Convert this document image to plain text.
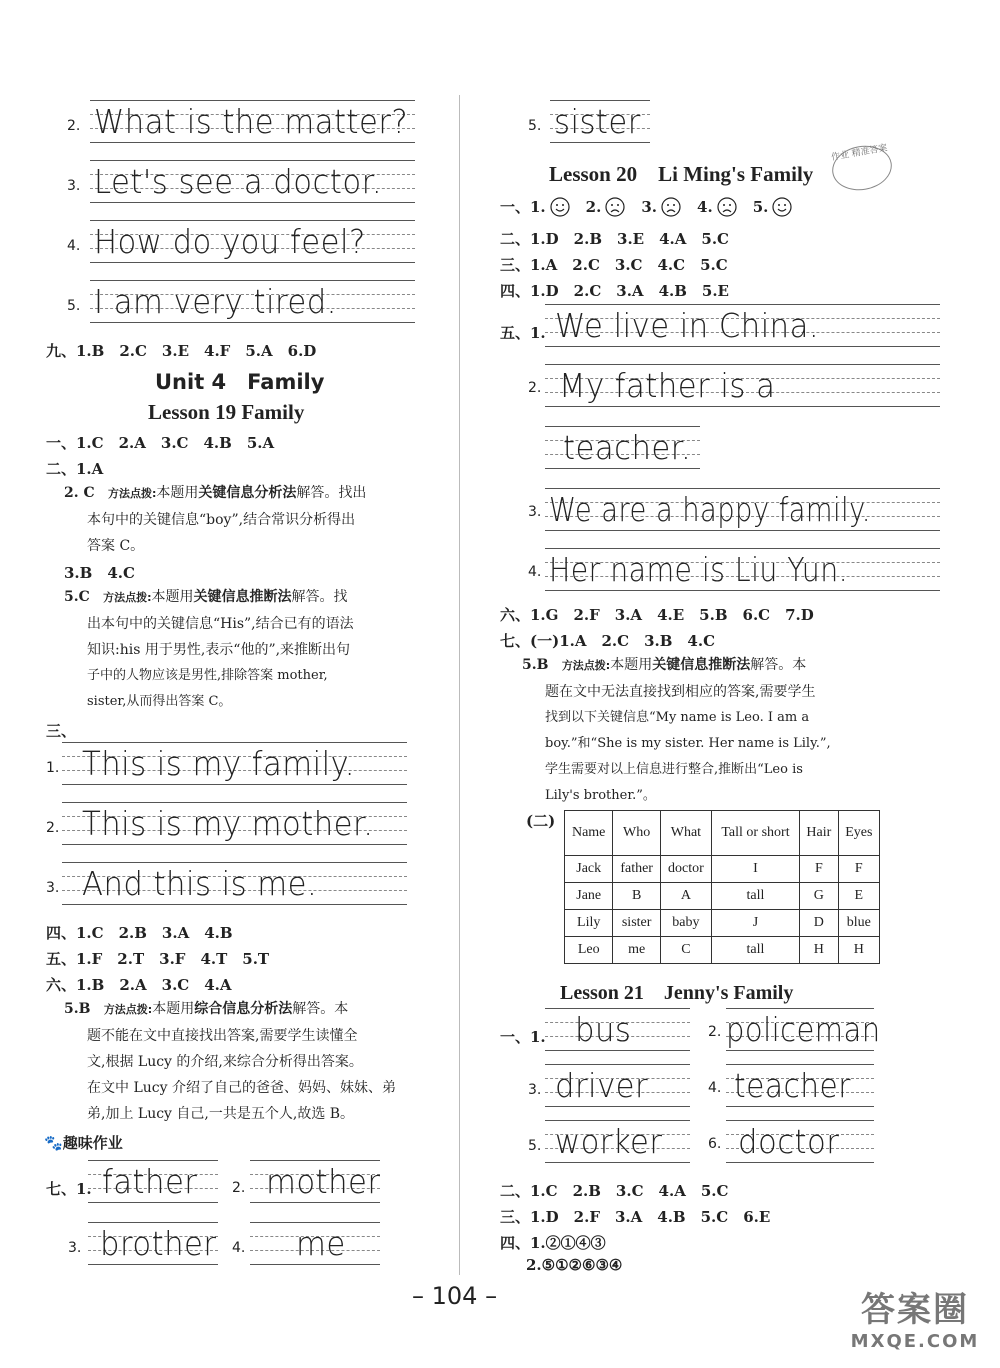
What is the matter?
2.
Let's see a doctor.
3.
How do you feel?
4.
I am very tired.
5.
九、1.B　2.C　3.E　4.F　5.A　6.D
Unit 4　Family
Lesson 19 Family
一、1.C　2.A　3.C　4.B　5.A
二、1.A
2. C 方法点拨:本题用关键信息分析法解答。找出
本句中的关键信息“boy”,结合常识分析得出
答案 C。
3.B　4.C
5.C 方法点拨:本题用关键信息推断法解答。找
出本句中的关键信息“His”,结合已有的语法
知识:his 用于男性,表示“他的”,来推断出句
子中的人物应该是男性,排除答案 mother,
sister,从而得出答案 C。
三、
This is my family.
1.
This is my mother.
2.
And this is me.
3.
四、1.C　2.B　3.A　4.B
五、1.F　2.T　3.F　4.T　5.T
六、1.B　2.A　3.C　4.A
5.B 方法点拨:本题用综合信息分析法解答。本
题不能在文中直接找出答案,需要学生读懂全
文,根据 Lucy 的介绍,来综合分析得出答案。
在文中 Lucy 介绍了自己的爸爸、妈妈、妹妹、弟
弟,加上 Lucy 自己,一共是五个人,故选 B。
🐾趣味作业
七、1. father 2. mother
3. brother 4. me
5. sister
Lesson 20　Li Ming's Family
作业 精准答案
一、1.	2.	3.	4.	5.
二、1.D　2.B　3.E　4.A　5.C
三、1.A　2.C　3.C　4.C　5.C
四、1.D　2.C　3.A　4.B　5.E
五、1. We live in China.
2. My father is a
teacher.
3. We are a happy family.
4. Her name is Liu Yun.
六、1.G　2.F　3.A　4.E　5.B　6.C　7.D
七、(一)1.A　2.C　3.B　4.C
5.B 方法点拨:本题用关键信息推断法解答。本
题在文中无法直接找到相应的答案,需要学生
找到以下关键信息“My name is Leo. I am a
boy.”和“She is my sister. Her name is Lily.”,
学生需要对以上信息进行整合,推断出“Leo is
Lily's brother.”。
(二)
Name	Who	What	Tall or short	Hair	Eyes
Jack	father	doctor	I	F	F
Jane	B	A	tall	G	E
Lily	sister	baby	J	D	blue
Leo	me	C	tall	H	H
Lesson 21　Jenny's Family
一、1. bus	2. policeman
3. driver	4. teacher
5. worker	6. doctor
二、1.C　2.B　3.C　4.A　5.C
三、1.D　2.F　3.A　4.B　5.C　6.E
四、1.②①④③
2.⑤①②⑥③④
– 104 –	答案圈
MXQE.COM
